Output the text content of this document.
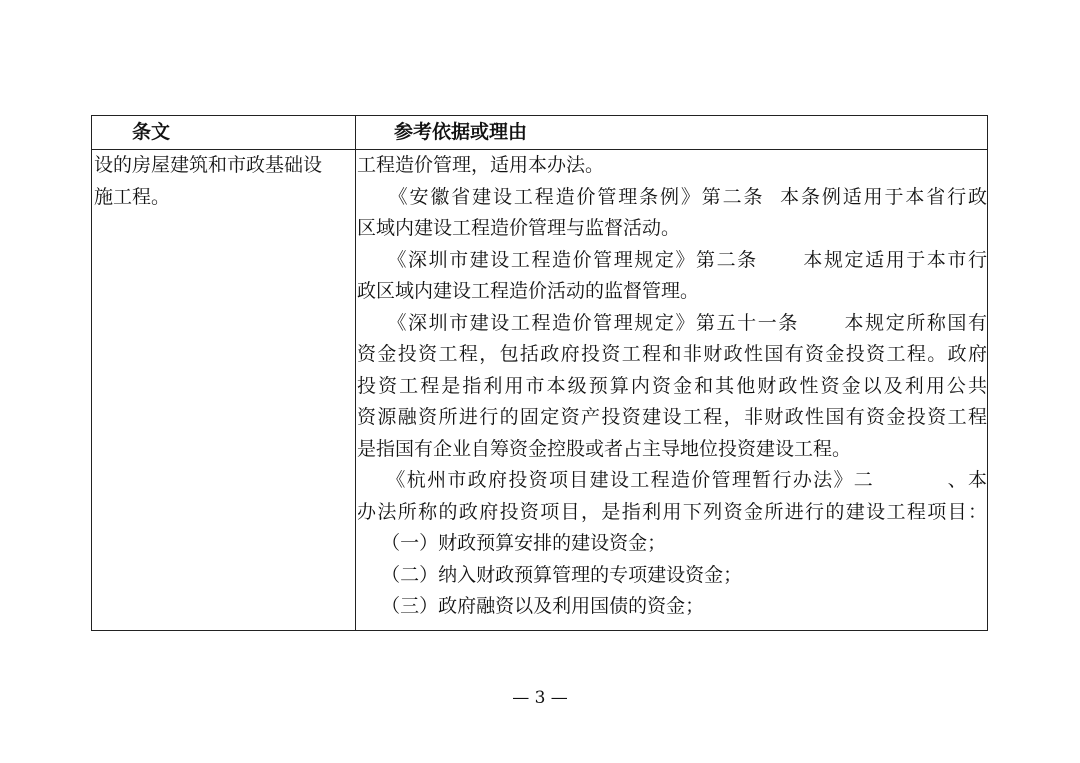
条文	参考依据或理由
设的房屋建筑和市政基础设
施工程。
工程造价管理，适用本办法。
《安徽省建设工程造价管理条例》第二条  本条例适用于本省行政
区域内建设工程造价管理与监督活动。
《深圳市建设工程造价管理规定》第二条      本规定适用于本市行
政区域内建设工程造价活动的监督管理。
《深圳市建设工程造价管理规定》第五十一条      本规定所称国有
资金投资工程，包括政府投资工程和非财政性国有资金投资工程。政府
投资工程是指利用市本级预算内资金和其他财政性资金以及利用公共
资源融资所进行的固定资产投资建设工程，非财政性国有资金投资工程
是指国有企业自筹资金控股或者占主导地位投资建设工程。
《杭州市政府投资项目建设工程造价管理暂行办法》二          、本
办法所称的政府投资项目，是指利用下列资金所进行的建设工程项目：
（一）财政预算安排的建设资金；
（二）纳入财政预算管理的专项建设资金；
（三）政府融资以及利用国债的资金；
— 3 —
